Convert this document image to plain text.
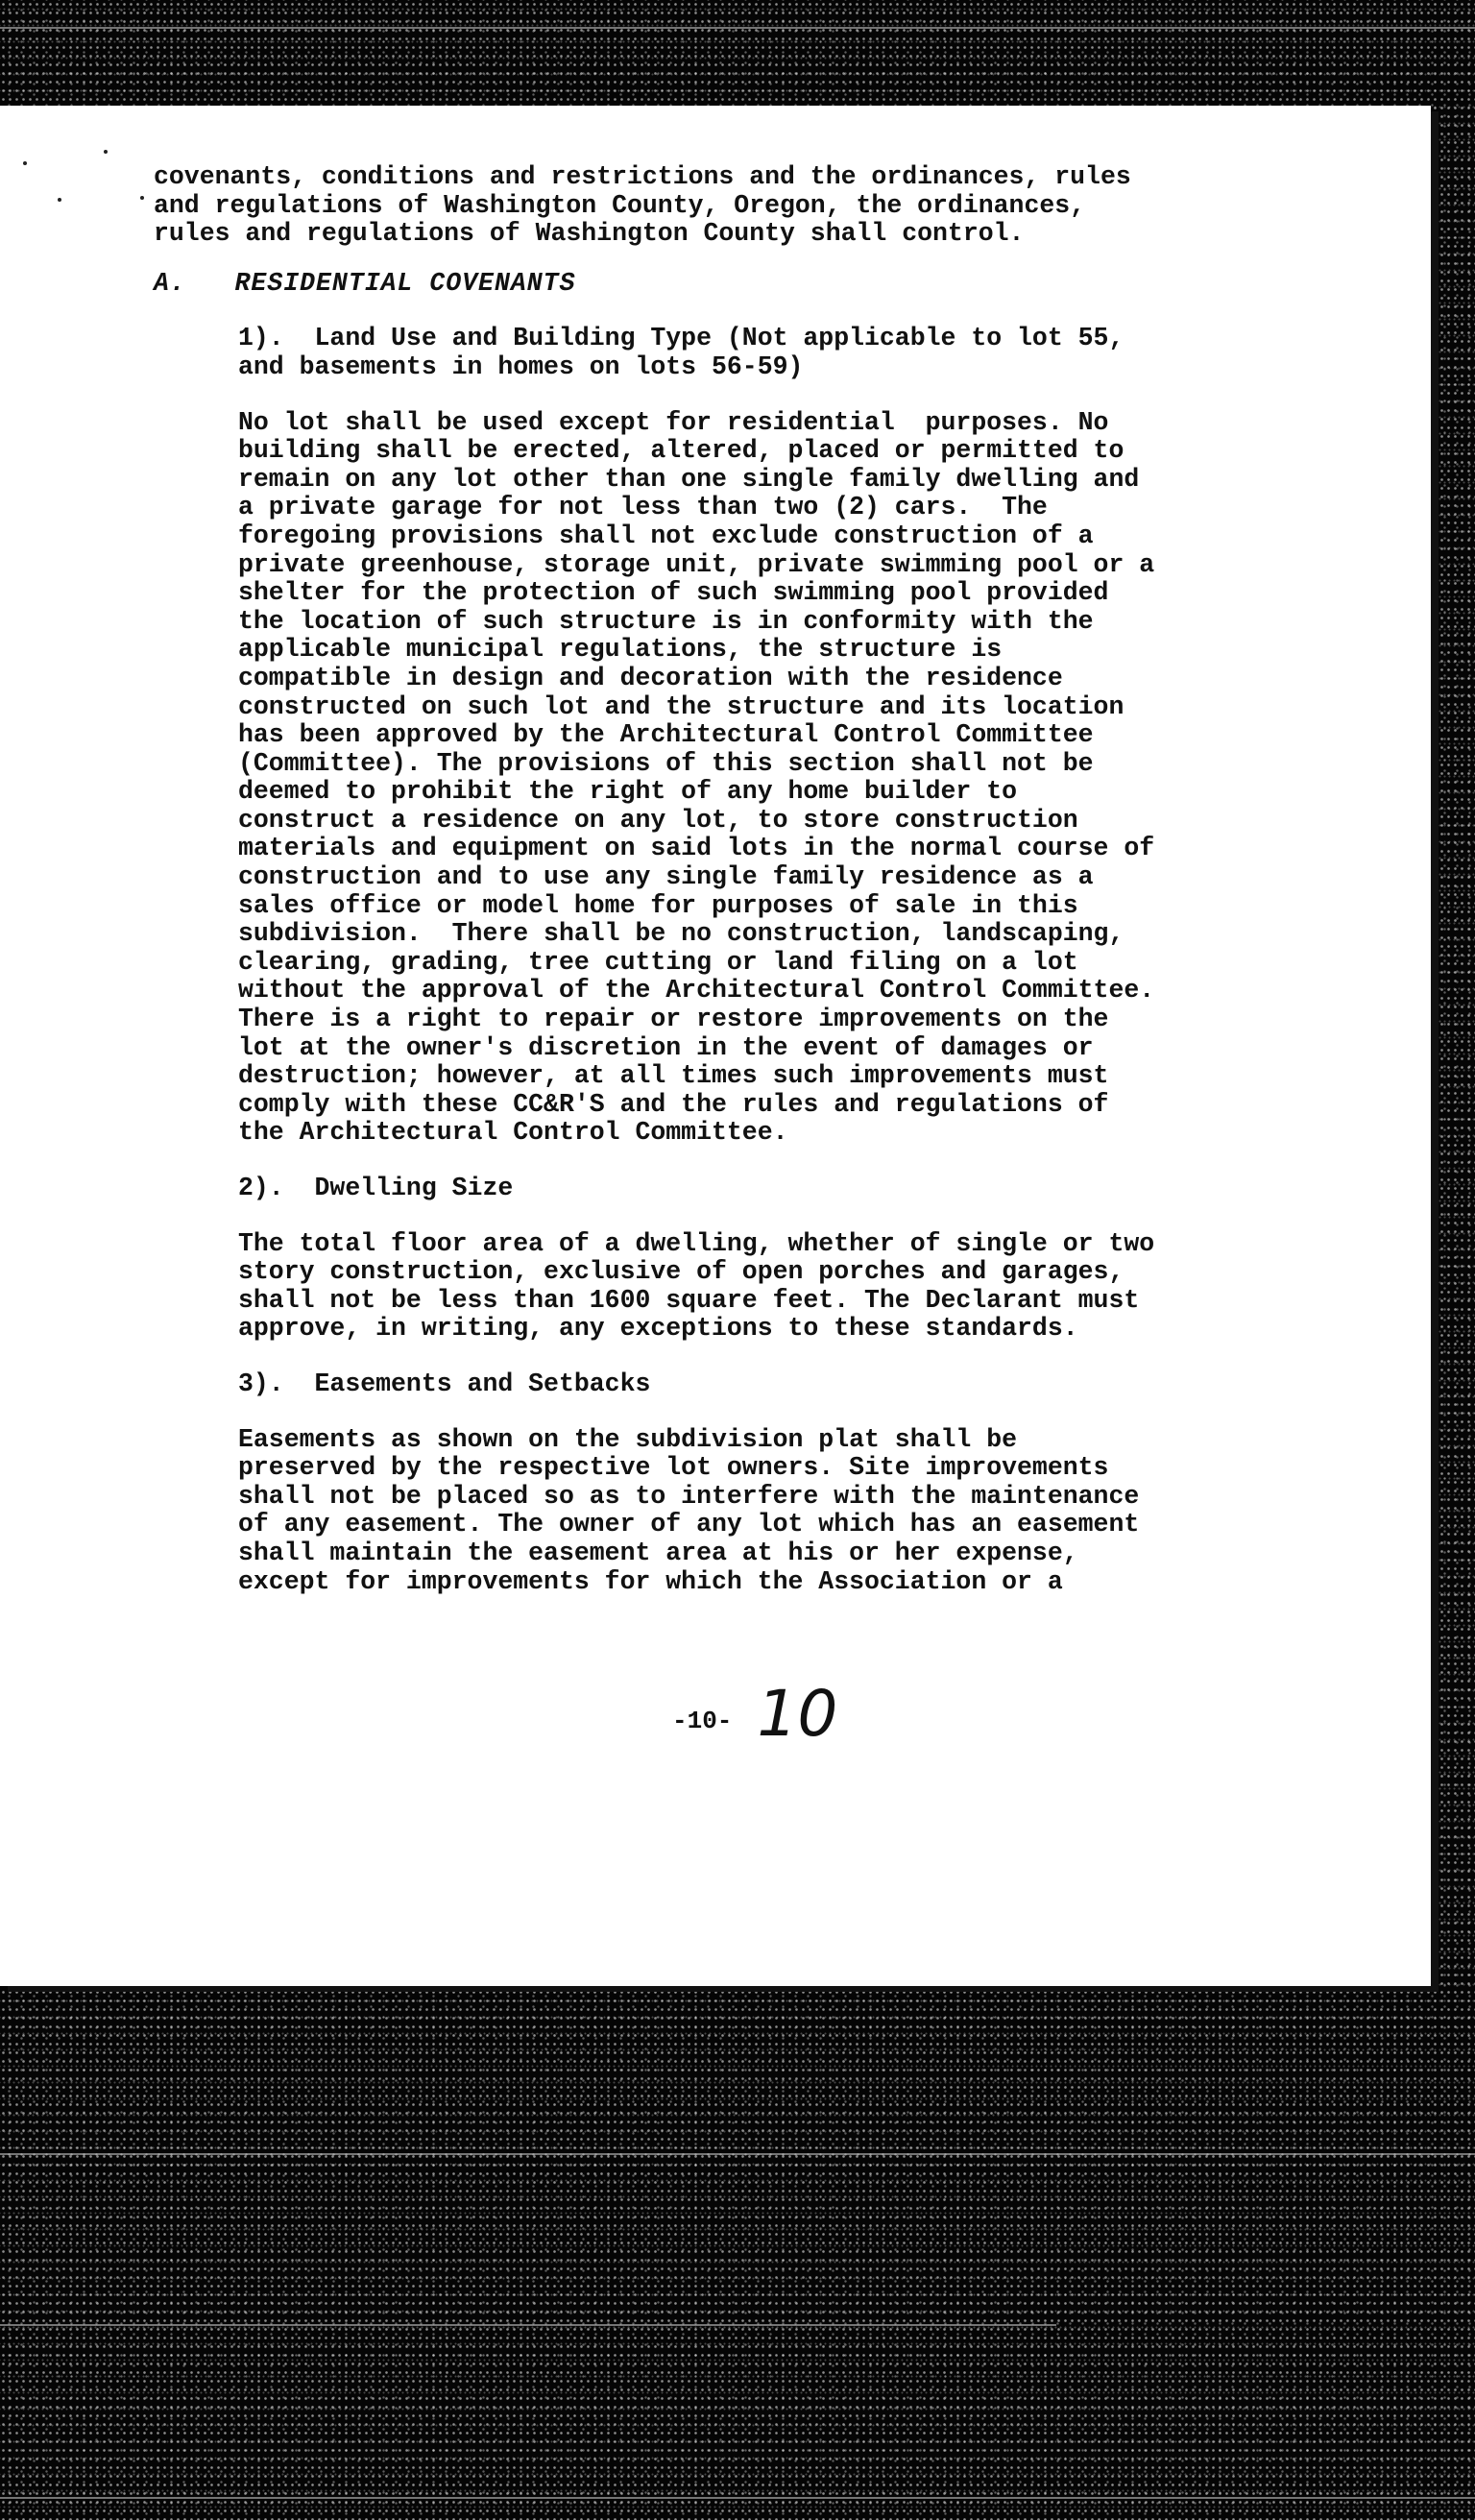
covenants, conditions and restrictions and the ordinances, rules

and regulations of Washington County, Oregon, the ordinances,

rules and regulations of Washington County shall control.

A.   RESIDENTIAL COVENANTS

1).  Land Use and Building Type (Not applicable to lot 55,

and basements in homes on lots 56-59)

No lot shall be used except for residential  purposes. No

building shall be erected, altered, placed or permitted to

remain on any lot other than one single family dwelling and

a private garage for not less than two (2) cars.  The

foregoing provisions shall not exclude construction of a

private greenhouse, storage unit, private swimming pool or a

shelter for the protection of such swimming pool provided

the location of such structure is in conformity with the

applicable municipal regulations, the structure is

compatible in design and decoration with the residence

constructed on such lot and the structure and its location

has been approved by the Architectural Control Committee

(Committee). The provisions of this section shall not be

deemed to prohibit the right of any home builder to

construct a residence on any lot, to store construction

materials and equipment on said lots in the normal course of

construction and to use any single family residence as a

sales office or model home for purposes of sale in this

subdivision.  There shall be no construction, landscaping,

clearing, grading, tree cutting or land filing on a lot

without the approval of the Architectural Control Committee.

There is a right to repair or restore improvements on the

lot at the owner's discretion in the event of damages or

destruction; however, at all times such improvements must

comply with these CC&R'S and the rules and regulations of

the Architectural Control Committee.

2).  Dwelling Size

The total floor area of a dwelling, whether of single or two

story construction, exclusive of open porches and garages,

shall not be less than 1600 square feet. The Declarant must

approve, in writing, any exceptions to these standards.

3).  Easements and Setbacks

Easements as shown on the subdivision plat shall be

preserved by the respective lot owners. Site improvements

shall not be placed so as to interfere with the maintenance

of any easement. The owner of any lot which has an easement

shall maintain the easement area at his or her expense,

except for improvements for which the Association or a

-10- 10
